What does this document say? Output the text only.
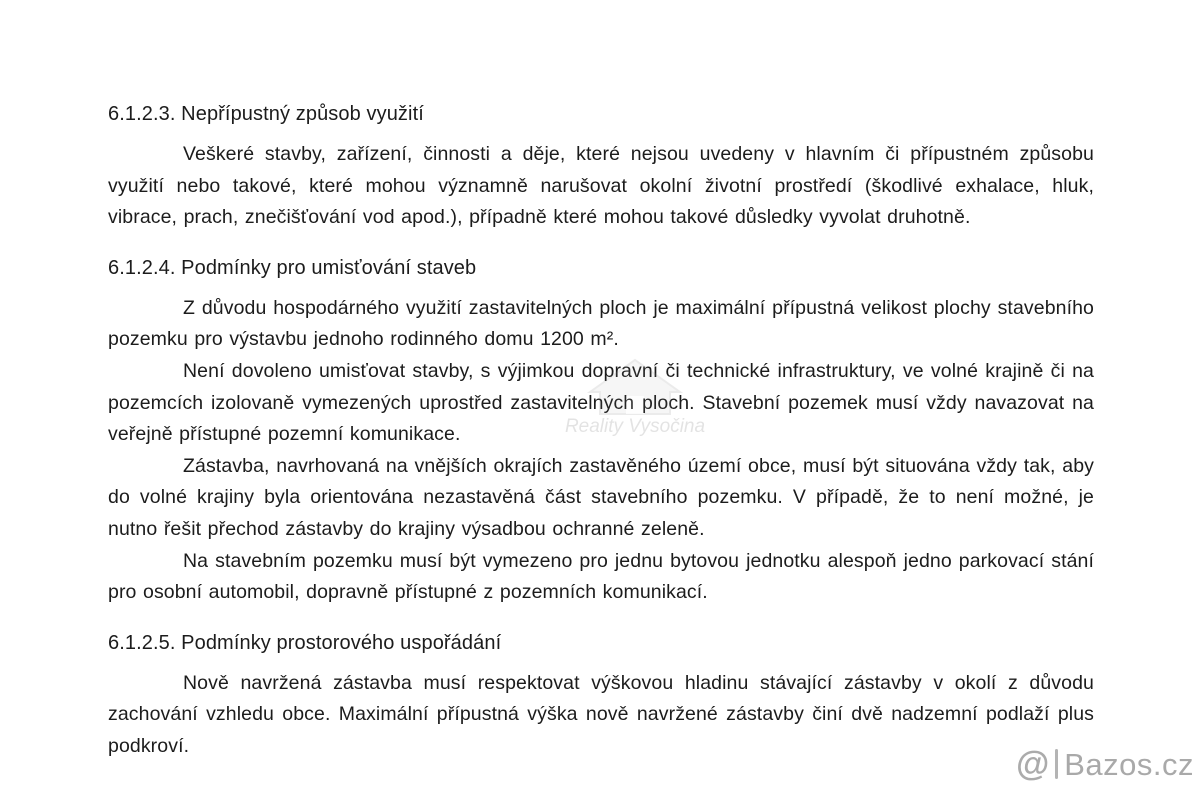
6.1.2.3. Nepřípustný způsob využití

Veškeré stavby, zařízení, činnosti a děje, které nejsou uvedeny v hlavním či přípustném způsobu využití nebo takové, které mohou významně narušovat okolní životní prostředí (škodlivé exhalace, hluk, vibrace, prach, znečišťování vod apod.), případně které mohou takové důsledky vyvolat druhotně.

6.1.2.4. Podmínky pro umisťování staveb

Z důvodu hospodárného využití zastavitelných ploch je maximální přípustná velikost plochy stavebního pozemku pro výstavbu jednoho rodinného domu 1200 m².

Není dovoleno umisťovat stavby, s výjimkou dopravní či technické infrastruktury, ve volné krajině či na pozemcích izolovaně vymezených uprostřed zastavitelných ploch. Stavební pozemek musí vždy navazovat na veřejně přístupné pozemní komunikace.

Zástavba, navrhovaná na vnějších okrajích zastavěného území obce, musí být situována vždy tak, aby do volné krajiny byla orientována nezastavěná část stavebního pozemku. V případě, že to není možné, je nutno řešit přechod zástavby do krajiny výsadbou ochranné zeleně.

Na stavebním pozemku musí být vymezeno pro jednu bytovou jednotku alespoň jedno parkovací stání pro osobní automobil, dopravně přístupné z pozemních komunikací.

6.1.2.5. Podmínky prostorového uspořádání

Nově navržená zástavba musí respektovat výškovou hladinu stávající zástavby v okolí z důvodu zachování vzhledu obce. Maximální přípustná výška nově navržené zástavby činí dvě nadzemní podlaží plus podkroví.

Reality Vysočina
@ Bazos.cz
